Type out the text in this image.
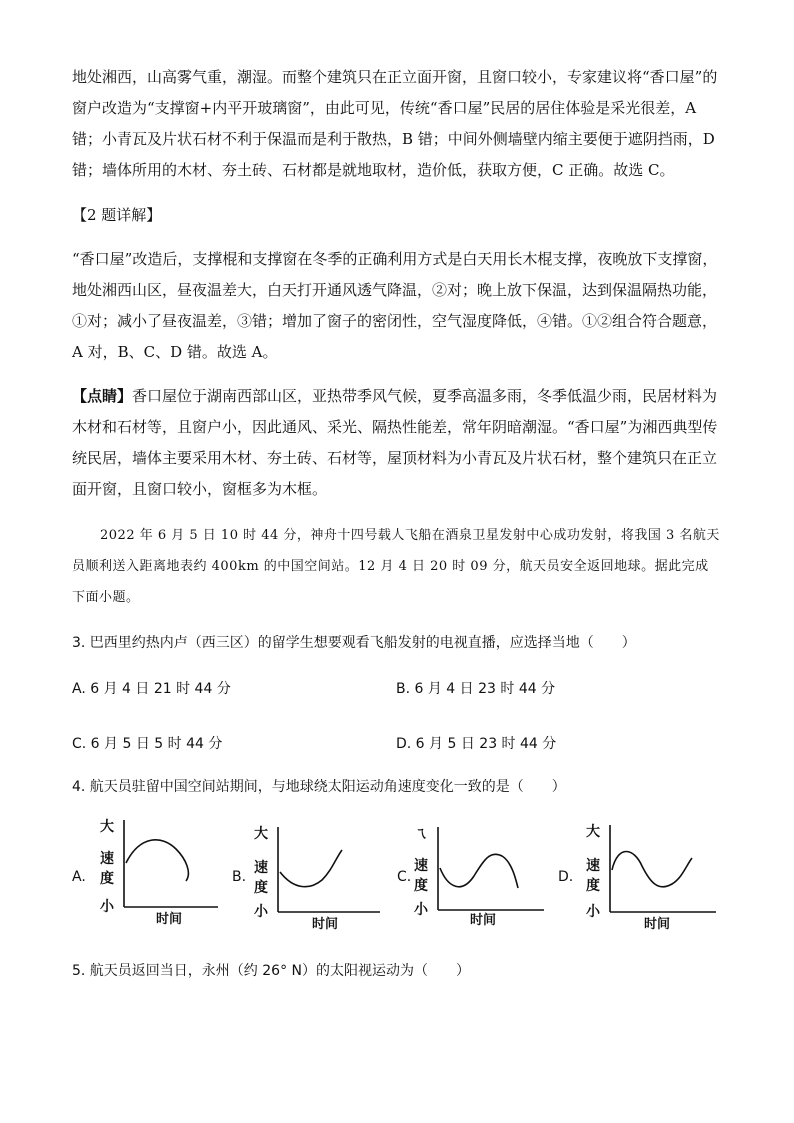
地处湘西，山高雾气重，潮湿。而整个建筑只在正立面开窗，且窗口较小，专家建议将“香口屋”的窗户改造为“支撑窗+内平开玻璃窗”，由此可见，传统“香口屋”民居的居住体验是采光很差，A 错；小青瓦及片状石材不利于保温而是利于散热，B 错；中间外侧墙壁内缩主要便于遮阴挡雨，D 错；墙体所用的木材、夯土砖、石材都是就地取材，造价低，获取方便，C 正确。故选 C。

【2 题详解】

“香口屋”改造后，支撑棍和支撑窗在冬季的正确利用方式是白天用长木棍支撑，夜晚放下支撑窗，地处湘西山区，昼夜温差大，白天打开通风透气降温，②对；晚上放下保温，达到保温隔热功能，①对；减小了昼夜温差，③错；增加了窗子的密闭性，空气湿度降低，④错。①②组合符合题意，A 对，B、C、D 错。故选 A。

【点睛】香口屋位于湖南西部山区，亚热带季风气候，夏季高温多雨，冬季低温少雨，民居材料为木材和石材等，且窗户小，因此通风、采光、隔热性能差，常年阴暗潮湿。“香口屋”为湘西典型传统民居，墙体主要采用木材、夯土砖、石材等，屋顶材料为小青瓦及片状石材，整个建筑只在正立面开窗，且窗口较小，窗框多为木框。

2022 年 6 月 5 日 10 时 44 分，神舟十四号载人飞船在酒泉卫星发射中心成功发射，将我国 3 名航天员顺利送入距离地表约 400km 的中国空间站。12 月 4 日 20 时 09 分，航天员安全返回地球。据此完成下面小题。

3. 巴西里约热内卢（西三区）的留学生想要观看飞船发射的电视直播，应选择当地（　　）

A. 6 月 4 日 21 时 44 分	B. 6 月 4 日 23 时 44 分

C. 6 月 5 日 5 时 44 分	D. 6 月 5 日 23 时 44 分

4. 航天员驻留中国空间站期间，与地球绕太阳运动角速度变化一致的是（　　）

A.
大
速
度
小
时间
B.
大
速
度
小
时间
C.
ㄟ
速
度
小
时间
D.
大
速
度
小
时间

5. 航天员返回当日，永州（约 26° N）的太阳视运动为（　　）
